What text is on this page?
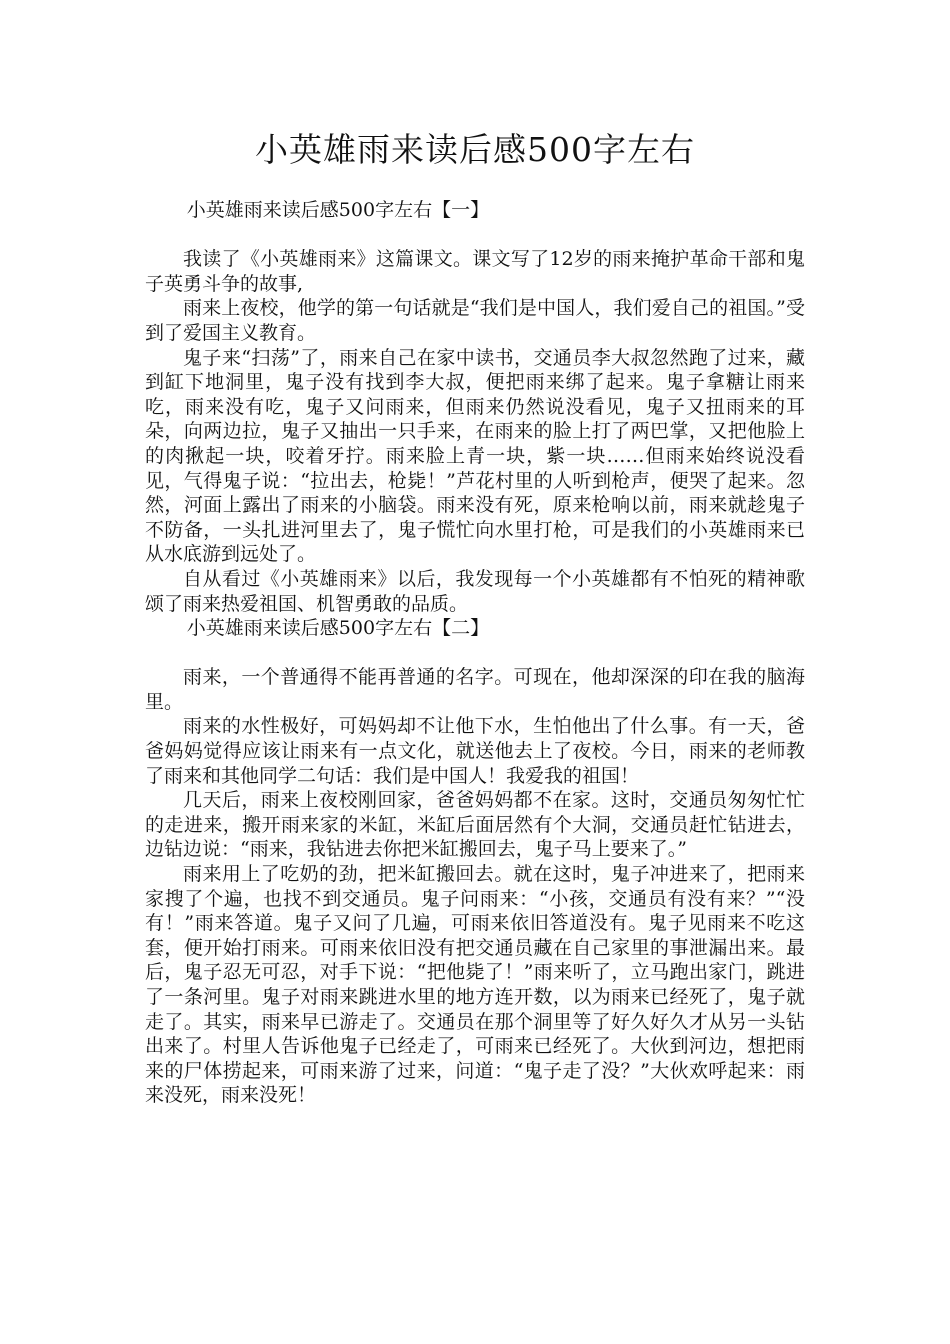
小英雄雨来读后感500字左右

小英雄雨来读后感500字左右【一】

我读了《小英雄雨来》这篇课文。课文写了12岁的雨来掩护革命干部和鬼子英勇斗争的故事,

雨来上夜校，他学的第一句话就是“我们是中国人，我们爱自己的祖国。”受到了爱国主义教育。

鬼子来“扫荡”了，雨来自己在家中读书，交通员李大叔忽然跑了过来，藏到缸下地洞里，鬼子没有找到李大叔，便把雨来绑了起来。鬼子拿糖让雨来吃，雨来没有吃，鬼子又问雨来，但雨来仍然说没看见，鬼子又扭雨来的耳朵，向两边拉，鬼子又抽出一只手来，在雨来的脸上打了两巴掌，又把他脸上的肉揪起一块，咬着牙拧。雨来脸上青一块，紫一块……但雨来始终说没看见，气得鬼子说：“拉出去，枪毙！”芦花村里的人听到枪声，便哭了起来。忽然，河面上露出了雨来的小脑袋。雨来没有死，原来枪响以前，雨来就趁鬼子不防备，一头扎进河里去了，鬼子慌忙向水里打枪，可是我们的小英雄雨来已从水底游到远处了。

自从看过《小英雄雨来》以后，我发现每一个小英雄都有不怕死的精神歌颂了雨来热爱祖国、机智勇敢的品质。

小英雄雨来读后感500字左右【二】

雨来，一个普通得不能再普通的名字。可现在，他却深深的印在我的脑海里。

雨来的水性极好，可妈妈却不让他下水，生怕他出了什么事。有一天，爸爸妈妈觉得应该让雨来有一点文化，就送他去上了夜校。今日，雨来的老师教了雨来和其他同学二句话：我们是中国人！我爱我的祖国！

几天后，雨来上夜校刚回家，爸爸妈妈都不在家。这时，交通员匆匆忙忙的走进来，搬开雨来家的米缸，米缸后面居然有个大洞，交通员赶忙钻进去，边钻边说：“雨来，我钻进去你把米缸搬回去，鬼子马上要来了。”

雨来用上了吃奶的劲，把米缸搬回去。就在这时，鬼子冲进来了，把雨来家搜了个遍，也找不到交通员。鬼子问雨来：“小孩，交通员有没有来？”“没有！”雨来答道。鬼子又问了几遍，可雨来依旧答道没有。鬼子见雨来不吃这套，便开始打雨来。可雨来依旧没有把交通员藏在自己家里的事泄漏出来。最后，鬼子忍无可忍，对手下说：“把他毙了！”雨来听了，立马跑出家门，跳进了一条河里。鬼子对雨来跳进水里的地方连开数，以为雨来已经死了，鬼子就走了。其实，雨来早已游走了。交通员在那个洞里等了好久好久才从另一头钻出来了。村里人告诉他鬼子已经走了，可雨来已经死了。大伙到河边，想把雨来的尸体捞起来，可雨来游了过来，问道：“鬼子走了没？”大伙欢呼起来：雨来没死，雨来没死！
